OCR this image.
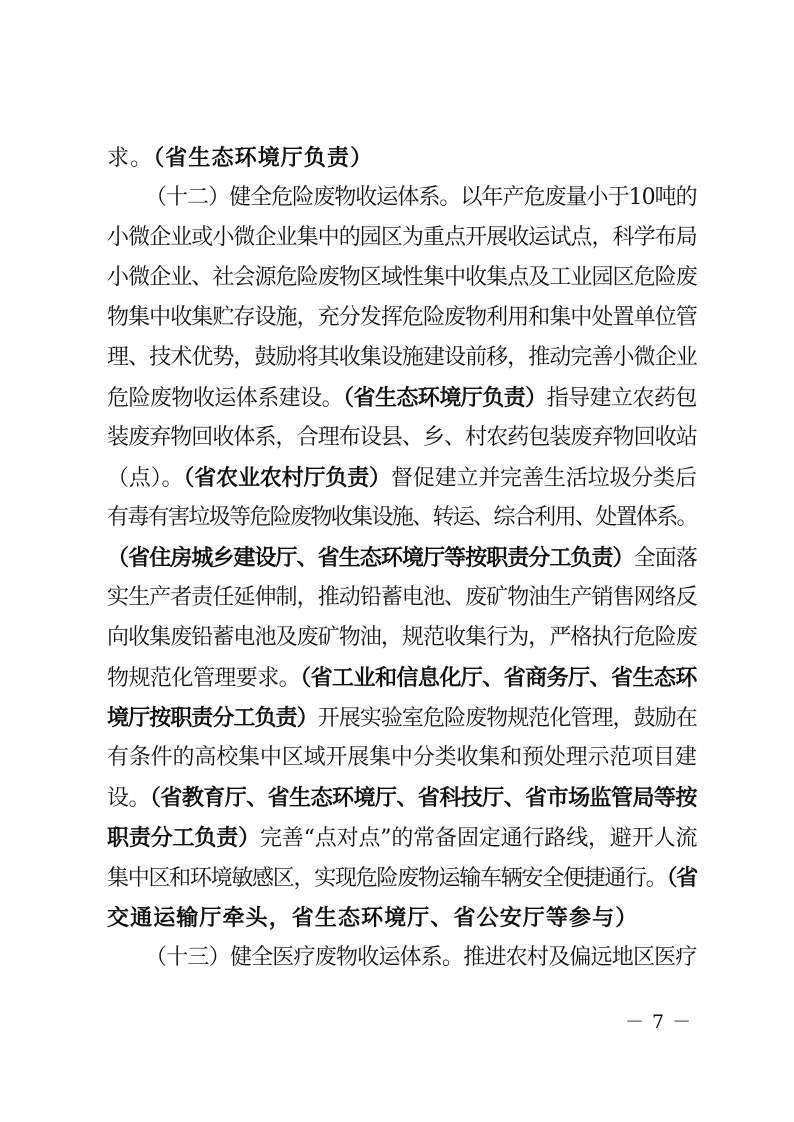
求。（省生态环境厅负责）
（十二）健全危险废物收运体系。以年产危废量小于10吨的
小微企业或小微企业集中的园区为重点开展收运试点，科学布局
小微企业、社会源危险废物区域性集中收集点及工业园区危险废
物集中收集贮存设施，充分发挥危险废物利用和集中处置单位管
理、技术优势，鼓励将其收集设施建设前移，推动完善小微企业
危险废物收运体系建设。（省生态环境厅负责）指导建立农药包
装废弃物回收体系，合理布设县、乡、村农药包装废弃物回收站
（点）。（省农业农村厅负责）督促建立并完善生活垃圾分类后
有毒有害垃圾等危险废物收集设施、转运、综合利用、处置体系。
（省住房城乡建设厅、省生态环境厅等按职责分工负责）全面落
实生产者责任延伸制，推动铅蓄电池、废矿物油生产销售网络反
向收集废铅蓄电池及废矿物油，规范收集行为，严格执行危险废
物规范化管理要求。（省工业和信息化厅、省商务厅、省生态环
境厅按职责分工负责）开展实验室危险废物规范化管理，鼓励在
有条件的高校集中区域开展集中分类收集和预处理示范项目建
设。（省教育厅、省生态环境厅、省科技厅、省市场监管局等按
职责分工负责）完善“点对点”的常备固定通行路线，避开人流
集中区和环境敏感区，实现危险废物运输车辆安全便捷通行。（省
交通运输厅牵头，省生态环境厅、省公安厅等参与）
（十三）健全医疗废物收运体系。推进农村及偏远地区医疗
－ 7 －
